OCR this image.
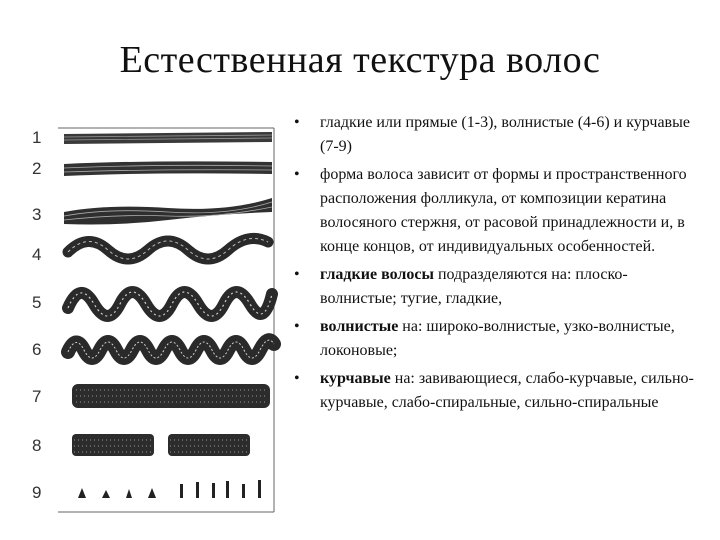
Естественная текстура волос
1
2
3
4
5
6
7
8
9
•	гладкие или прямые (1-3), волнистые (4-6) и курчавые (7-9)
•	форма волоса зависит от формы и пространственного расположения фолликула, от композиции кератина волосяного стержня, от расовой принадлежности и, в конце концов, от индивидуальных особенностей.
•	гладкие волосы подразделяются на: плоско-волнистые; тугие, гладкие,
•	волнистые на: широко-волнистые, узко-волнистые, локоновые;
•	курчавые на: завивающиеся, слабо-курчавые, сильно-курчавые, слабо-спиральные, сильно-спиральные
